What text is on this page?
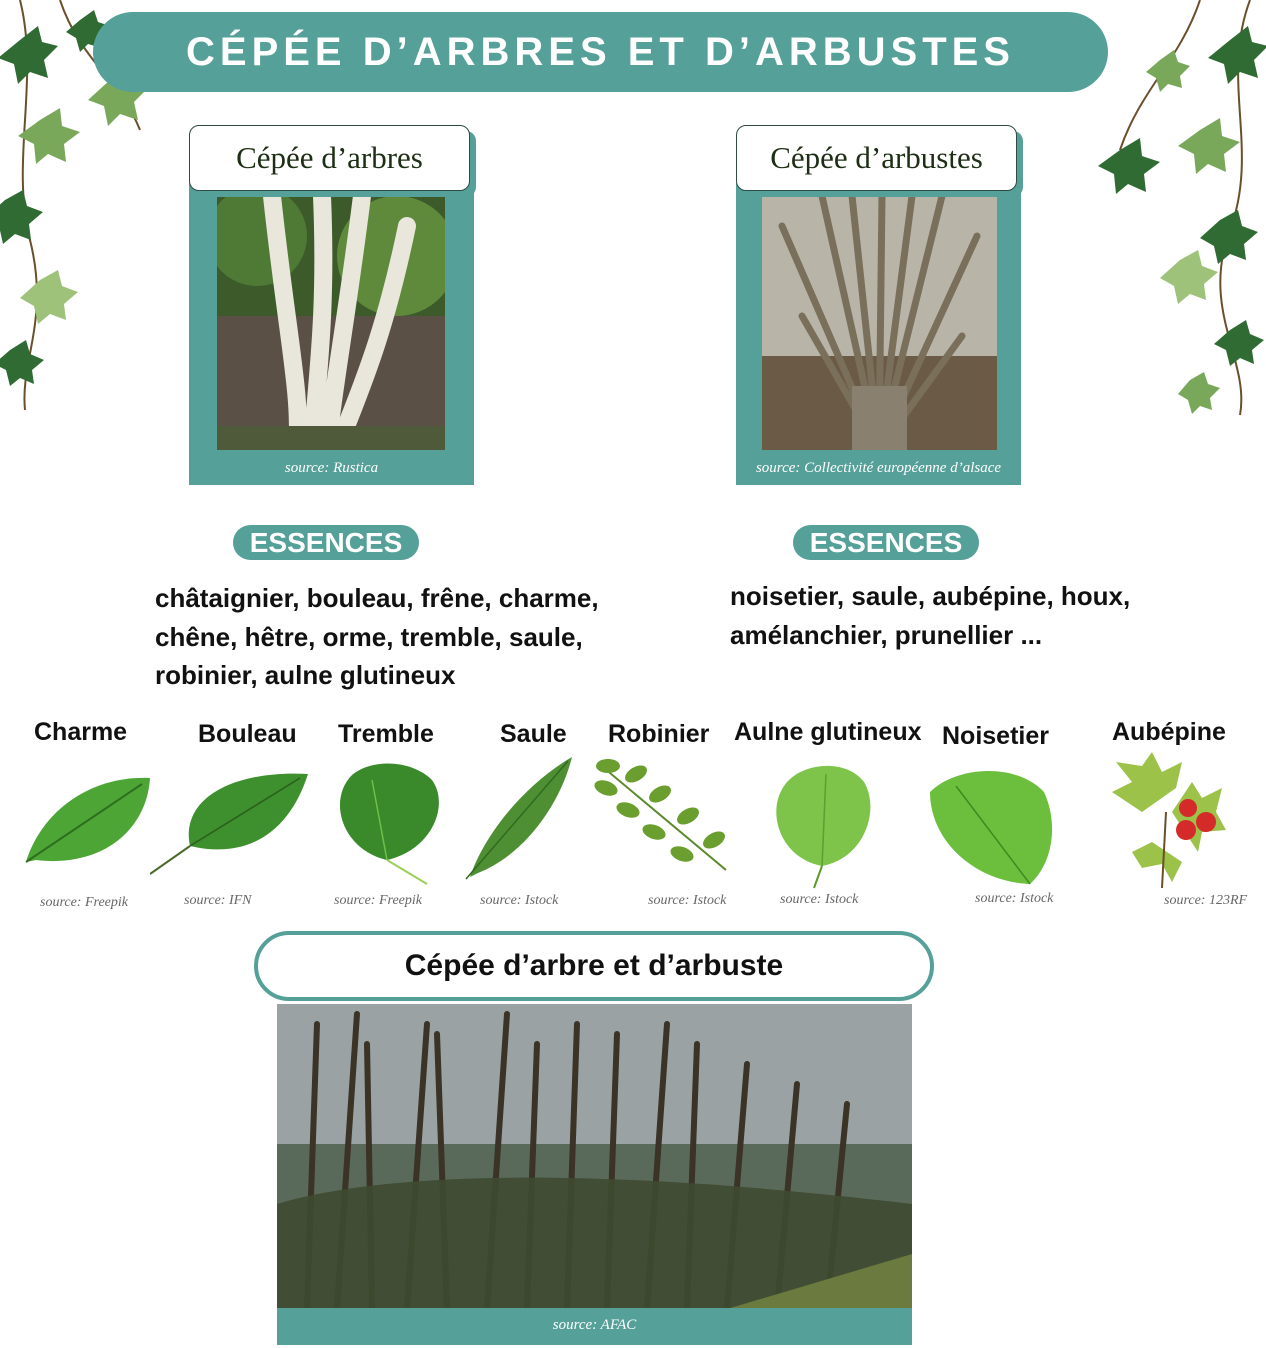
CÉPÉE D’ARBRES ET D’ARBUSTES
Cépée d’arbres
source: Rustica
Cépée d’arbustes
source: Collectivité européenne d’alsace
ESSENCES
châtaignier, bouleau, frêne, charme,
chêne, hêtre, orme, tremble, saule,
robinier, aulne glutineux
ESSENCES
noisetier, saule, aubépine, houx,
amélanchier, prunellier ...
Charme
source: Freepik
Bouleau
source: IFN
Tremble
source: Freepik
Saule
source: Istock
Robinier
source: Istock
Aulne glutineux
source: Istock
Noisetier
source: Istock
Aubépine
source: 123RF
source: AFAC
Cépée d’arbre et d’arbuste
